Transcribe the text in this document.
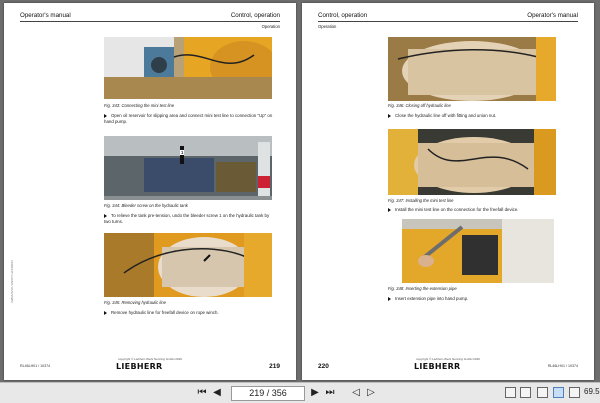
Operator's manual	Control, operation
Operation
Fig. 343: Connecting the mini test line
Open oil reservoir for slipping area and connect mini test line to connection "Up" on hand pump.
1
Fig. 344: Bleeder screw on the hydraulic tank
To relieve the tank pre-tension, undo the bleeder screw 1 on the hydraulic tank by two turns.
Fig. 345: Removing hydraulic line
Remove hydraulic line for freefall device on rope winch.
LWN/HS/10 / EN/KT/ LR1300SX
RL46LH01 / 10374
copyright © Liebherr-Werk Nenzing GmbH 2020
LIEBHERR	219
Control, operation	Operator's manual
Operation
Fig. 346: Closing off hydraulic line
Close the hydraulic line off with fitting and union nut.
Fig. 347: Installing the mini test line
Install the mini test line on the connection for the freefall device.
Fig. 348: Inserting the extension pipe
Insert extension pipe into hand pump.
220
copyright © Liebherr-Werk Nenzing GmbH 2020
LIEBHERR	RL46LH01 / 10374
⏮ ◀	219 / 356	▶ ⏭ ◁ ▷	69.5
